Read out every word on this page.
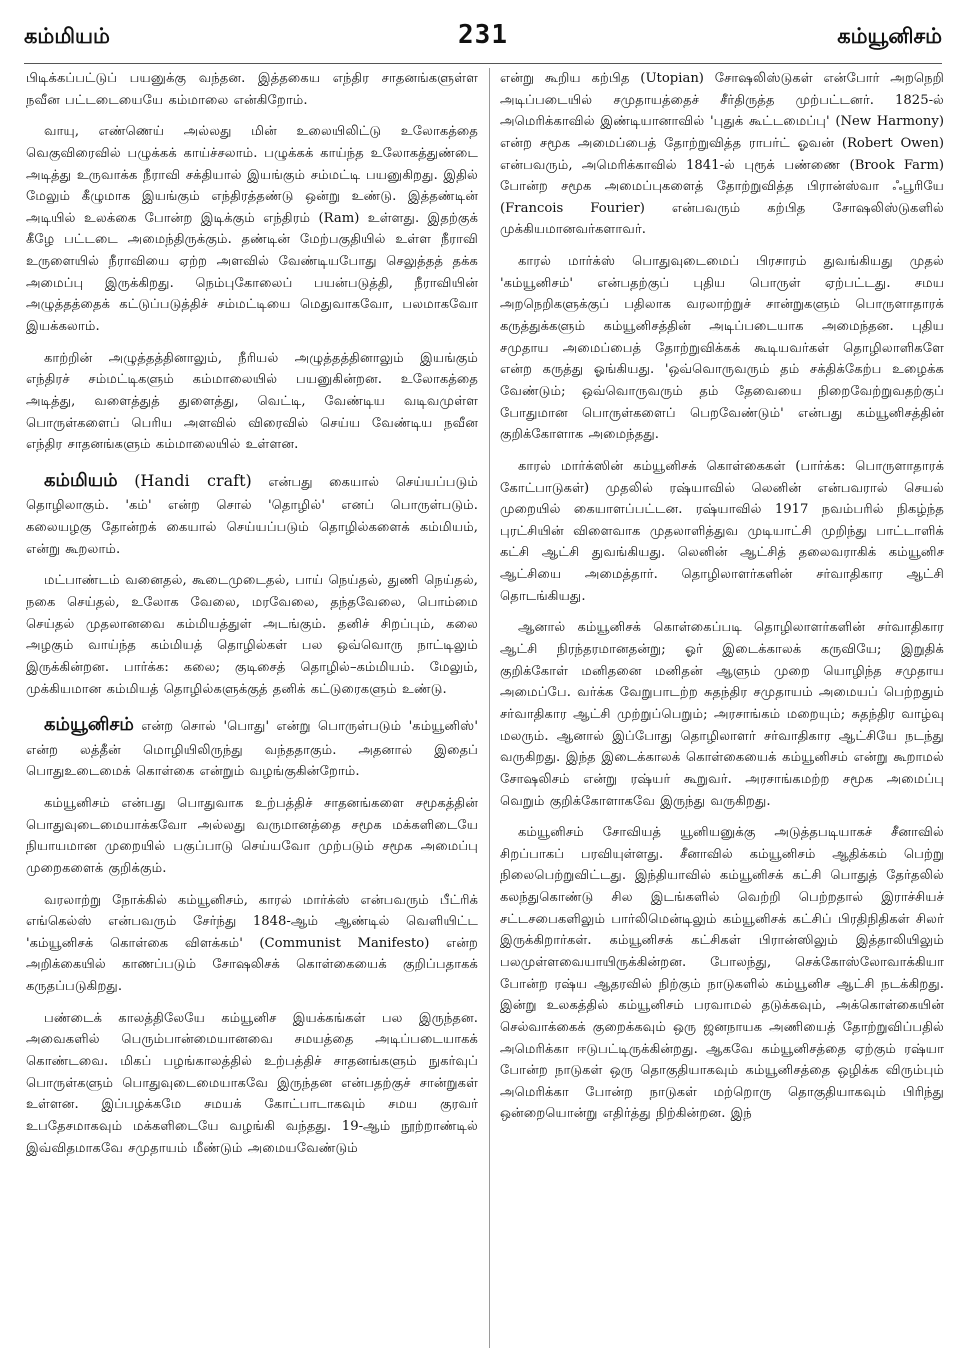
கம்மியம்	231	கம்யூனிசம்

பிடிக்கப்பட்டுப் பயனுக்கு வந்தன. இத்தகைய எந்திர சாதனங்களுள்ள நவீன பட்டடையையே கம்மாலை என்கிறோம்.

வாயு, எண்ணெய் அல்லது மின் உலையிலிட்டு உலோகத்தை வெகுவிரைவில் பழுக்கக் காய்ச்சலாம். பழுக்கக் காய்ந்த உலோகத்துண்டை அடித்து உருவாக்க நீராவி சக்தியால் இயங்கும் சம்மட்டி பயனுகிறது. இதில் மேலும் கீழுமாக இயங்கும் எந்திரத்தண்டு ஒன்று உண்டு. இத்தண்டின் அடியில் உலக்கை போன்ற இடிக்கும் எந்திரம் (Ram) உள்ளது. இதற்குக் கீழே பட்டடை அமைந்திருக்கும். தண்டின் மேற்பகுதியில் உள்ள நீராவி உருளையில் நீராவியை ஏற்ற அளவில் வேண்டியபோது செலுத்தத் தக்க அமைப்பு இருக்கிறது. நெம்புகோலைப் பயன்படுத்தி, நீராவியின் அழுத்தத்தைக் கட்டுப்படுத்திச் சம்மட்டியை மெதுவாகவோ, பலமாகவோ இயக்கலாம்.

காற்றின் அழுத்தத்தினாலும், நீரியல் அழுத்தத்தினாலும் இயங்கும் எந்திரச் சம்மட்டிகளும் கம்மாலையில் பயனுகின்றன. உலோகத்தை அடித்து, வளைத்துத் துளைத்து, வெட்டி, வேண்டிய வடிவமுள்ள பொருள்களைப் பெரிய அளவில் விரைவில் செய்ய வேண்டிய நவீன எந்திர சாதனங்களும் கம்மாலையில் உள்ளன.

கம்மியம் (Handi craft) என்பது கையால் செய்யப்படும் தொழிலாகும். 'கம்' என்ற சொல் 'தொழில்' எனப் பொருள்படும். கலையழகு தோன்றக் கையால் செய்யப்படும் தொழில்களைக் கம்மியம், என்று கூறலாம்.

மட்பாண்டம் வனைதல், கூடைமுடைதல், பாய் நெய்தல், துணி நெய்தல், நகை செய்தல், உலோக வேலை, மரவேலை, தந்தவேலை, பொம்மை செய்தல் முதலானவை கம்மியத்துள் அடங்கும். தனிச் சிறப்பும், கலை அழகும் வாய்ந்த கம்மியத் தொழில்கள் பல ஒவ்வொரு நாட்டிலும் இருக்கின்றன. பார்க்க: கலை; குடிசைத் தொழில்–கம்மியம். மேலும், முக்கியமான கம்மியத் தொழில்களுக்குத் தனிக் கட்டுரைகளும் உண்டு.

கம்யூனிசம் என்ற சொல் 'பொது' என்று பொருள்படும் 'கம்யூனிஸ்' என்ற லத்தீன் மொழியிலிருந்து வந்ததாகும். அதனால் இதைப் பொதுஉடைமைக் கொள்கை என்றும் வழங்குகின்றோம்.

கம்யூனிசம் என்பது பொதுவாக உற்பத்திச் சாதனங்களை சமூகத்தின் பொதுவுடைமையாக்கவோ அல்லது வருமானத்தை சமூக மக்களிடையே நியாயமான முறையில் பகுப்பாடு செய்யவோ முற்படும் சமூக அமைப்பு முறைகளைக் குறிக்கும்.

வரலாற்று நோக்கில் கம்யூனிசம், காரல் மார்க்ஸ் என்பவரும் பீட்ரிக் எங்கெல்ஸ் என்பவரும் சேர்ந்து 1848-ஆம் ஆண்டில் வெளியிட்ட 'கம்யூனிசக் கொள்கை விளக்கம்' (Communist Manifesto) என்ற அறிக்கையில் காணப்படும் சோஷலிசக் கொள்கையைக் குறிப்பதாகக் கருதப்படுகிறது.

பண்டைக் காலத்திலேயே கம்யூனிச இயக்கங்கள் பல இருந்தன. அவைகளில் பெரும்பான்மையானவை சமயத்தை அடிப்படையாகக் கொண்டவை. மிகப் பழங்காலத்தில் உற்பத்திச் சாதனங்களும் நுகர்வுப் பொருள்களும் பொதுவுடைமையாகவே இருந்தன என்பதற்குச் சான்றுகள் உள்ளன. இப்பழக்கமே சமயக் கோட்பாடாகவும் சமய குரவர் உபதேசமாகவும் மக்களிடையே வழங்கி வந்தது. 19-ஆம் நூற்றாண்டில் இவ்விதமாகவே சமுதாயம் மீண்டும் அமையவேண்டும்

என்று கூறிய கற்பித (Utopian) சோஷலிஸ்டுகள் என்போர் அறநெறி அடிப்படையில் சமுதாயத்தைச் சீர்திருத்த முற்பட்டனர். 1825-ல் அமெரிக்காவில் இண்டியானாவில் 'புதுக் கூட்டமைப்பு' (New Harmony) என்ற சமூக அமைப்பைத் தோற்றுவித்த ராபர்ட் ஓவன் (Robert Owen) என்பவரும், அமெரிக்காவில் 1841-ல் புரூக் பண்ணை (Brook Farm) போன்ற சமூக அமைப்புகளைத் தோற்றுவித்த பிரான்ஸ்வா ஃபூரியே (Francois Fourier) என்பவரும் கற்பித சோஷலிஸ்டுகளில் முக்கியமானவர்களாவர்.

காரல் மார்க்ஸ் பொதுவுடைமைப் பிரசாரம் துவங்கியது முதல் 'கம்யூனிசம்' என்பதற்குப் புதிய பொருள் ஏற்பட்டது. சமய அறநெறிகளுக்குப் பதிலாக வரலாற்றுச் சான்றுகளும் பொருளாதாரக் கருத்துக்களும் கம்யூனிசத்தின் அடிப்படையாக அமைந்தன. புதிய சமுதாய அமைப்பைத் தோற்றுவிக்கக் கூடியவர்கள் தொழிலாளிகளே என்ற கருத்து ஓங்கியது. 'ஒவ்வொருவரும் தம் சக்திக்கேற்ப உழைக்க வேண்டும்; ஒவ்வொருவரும் தம் தேவையை நிறைவேற்றுவதற்குப் போதுமான பொருள்களைப் பெறவேண்டும்' என்பது கம்யூனிசத்தின் குறிக்கோளாக அமைந்தது.

காரல் மார்க்ஸின் கம்யூனிசக் கொள்கைகள் (பார்க்க: பொருளாதாரக் கோட்பாடுகள்) முதலில் ரஷ்யாவில் லெனின் என்பவரால் செயல் முறையில் கையாளப்பட்டன. ரஷ்யாவில் 1917 நவம்பரில் நிகழ்ந்த புரட்சியின் விளைவாக முதலாளித்துவ முடியாட்சி முறிந்து பாட்டாளிக் கட்சி ஆட்சி துவங்கியது. லெனின் ஆட்சித் தலைவராகிக் கம்யூனிச ஆட்சியை அமைத்தார். தொழிலாளர்களின் சர்வாதிகார ஆட்சி தொடங்கியது.

ஆனால் கம்யூனிசக் கொள்கைப்படி தொழிலாளர்களின் சர்வாதிகார ஆட்சி நிரந்தரமானதன்று; ஓர் இடைக்காலக் கருவியே; இறுதிக் குறிக்கோள் மனிதனை மனிதன் ஆளும் முறை யொழிந்த சமுதாய அமைப்பே. வர்க்க வேறுபாடற்ற சுதந்திர சமுதாயம் அமையப் பெற்றதும் சர்வாதிகார ஆட்சி முற்றுப்பெறும்; அரசாங்கம் மறையும்; சுதந்திர வாழ்வு மலரும். ஆனால் இப்போது தொழிலாளர் சர்வாதிகார ஆட்சியே நடந்து வருகிறது. இந்த இடைக்காலக் கொள்கையைக் கம்யூனிசம் என்று கூறாமல் சோஷலிசம் என்று ரஷ்யர் கூறுவர். அரசாங்கமற்ற சமூக அமைப்பு வெறும் குறிக்கோளாகவே இருந்து வருகிறது.

கம்யூனிசம் சோவியத் யூனியனுக்கு அடுத்தபடியாகச் சீனாவில் சிறப்பாகப் பரவியுள்ளது. சீனாவில் கம்யூனிசம் ஆதிக்கம் பெற்று நிலைபெற்றுவிட்டது. இந்தியாவில் கம்யூனிசக் கட்சி பொதுத் தேர்தலில் கலந்துகொண்டு சில இடங்களில் வெற்றி பெற்றதால் இராச்சியச் சட்டசபைகளிலும் பார்லிமென்டிலும் கம்யூனிசக் கட்சிப் பிரதிநிதிகள் சிலர் இருக்கிறார்கள். கம்யூனிசக் கட்சிகள் பிரான்ஸிலும் இத்தாலியிலும் பலமுள்ளவையாயிருக்கின்றன. போலந்து, செக்கோஸ்லோவாக்கியா போன்ற ரஷ்ய ஆதரவில் நிற்கும் நாடுகளில் கம்யூனிச ஆட்சி நடக்கிறது. இன்று உலகத்தில் கம்யூனிசம் பரவாமல் தடுக்கவும், அக்கொள்கையின் செல்வாக்கைக் குறைக்கவும் ஒரு ஜனநாயக அணியைத் தோற்றுவிப்பதில் அமெரிக்கா ஈடுபட்டிருக்கின்றது. ஆகவே கம்யூனிசத்தை ஏற்கும் ரஷ்யா போன்ற நாடுகள் ஒரு தொகுதியாகவும் கம்யூனிசத்தை ஒழிக்க விரும்பும் அமெரிக்கா போன்ற நாடுகள் மற்றொரு தொகுதியாகவும் பிரிந்து ஒன்றையொன்று எதிர்த்து நிற்கின்றன. இந்
